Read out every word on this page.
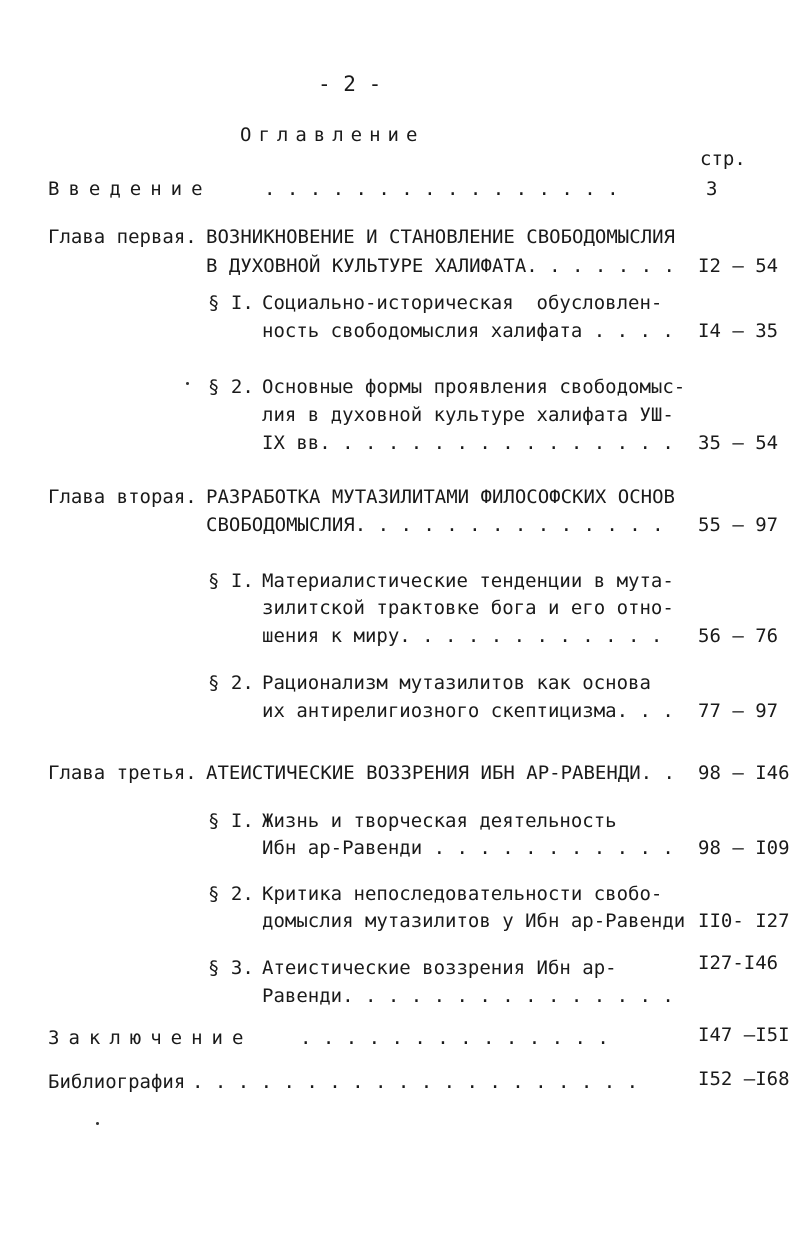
- 2 -
Оглавление
стр.
Введение	. . . . . . . . . . . . . . . .	3
Глава первая. ВОЗНИКНОВЕНИЕ И СТАНОВЛЕНИЕ СВОБОДОМЫСЛИЯ
В ДУХОВНОЙ КУЛЬТУРЕ ХАЛИФАТА. . . . . . . I2 – 54
§ I. Социально-историческая  обусловлен-
ность свободомыслия халифата . . . . I4 – 35
§ 2. Основные формы проявления свободомыс-
лия в духовной культуре халифата УШ-
IX вв. . . . . . . . . . . . . . . . 35 – 54
Глава вторая. РАЗРАБОТКА МУТАЗИЛИТАМИ ФИЛОСОФСКИХ ОСНОВ
СВОБОДОМЫСЛИЯ. . . . . . . . . . . . . . 55 – 97
§ I. Материалистические тенденции в мута-
зилитской трактовке бога и его отно-
шения к миру. . . . . . . . . . . . 56 – 76
§ 2. Рационализм мутазилитов как основа
их антирелигиозного скептицизма. . . 77 – 97
Глава третья. АТЕИСТИЧЕСКИЕ ВОЗЗРЕНИЯ ИБН АР-РАВЕНДИ. . 98 – I46
§ I. Жизнь и творческая деятельность
Ибн ар-Равенди . . . . . . . . . . . 98 – I09
§ 2. Критика непоследовательности свобо-
домыслия мутазилитов у Ибн ар-Равенди II0- I27
§ 3. Атеистические воззрения Ибн ар-	I27-I46
Равенди. . . . . . . . . . . . . . .
Заключение	. . . . . . . . . . . . . .	I47 –I5I
Библиография . . . . . . . . . . . . . . . . . . . .	I52 –I68
